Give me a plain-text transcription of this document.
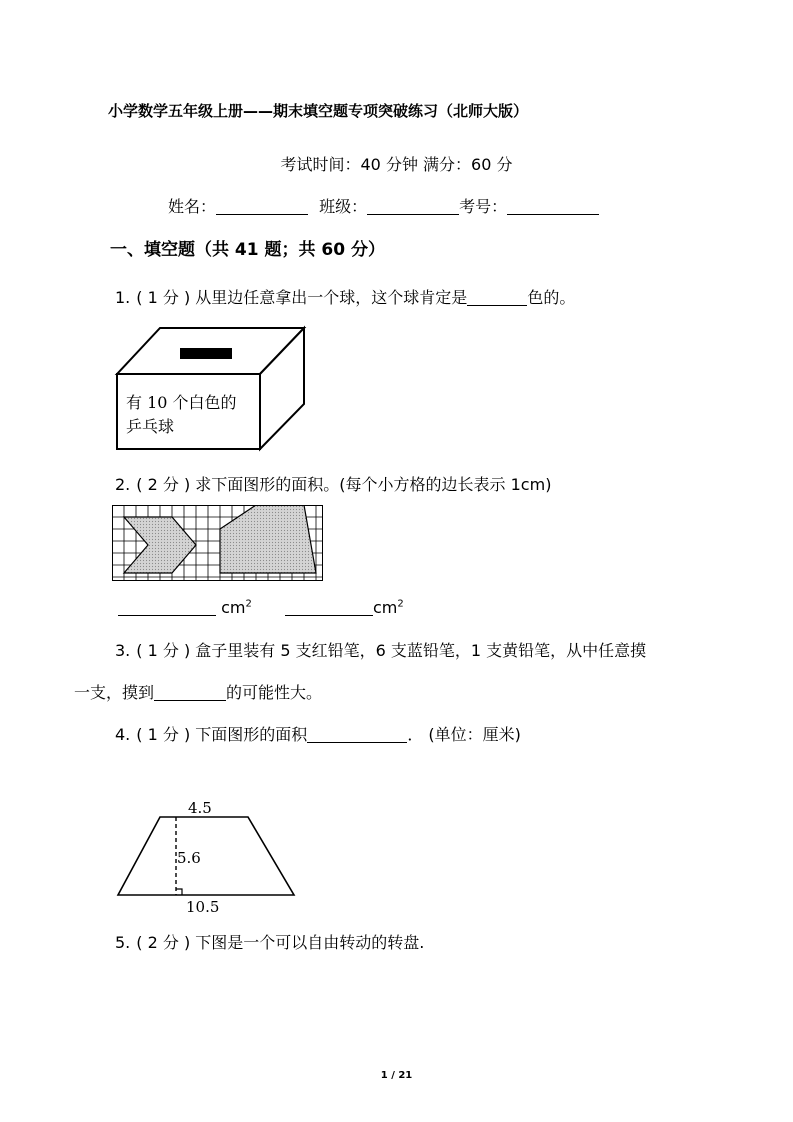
小学数学五年级上册——期末填空题专项突破练习（北师大版）
考试时间：40 分钟 满分：60 分
姓名：	班级：	考号：
一、填空题（共 41 题；共 60 分）
1. ( 1 分 ) 从里边任意拿出一个球，这个球肯定是	色的。
有 10 个白色的
乒乓球
2. ( 2 分 ) 求下面图形的面积。(每个小方格的边长表示 1cm)
$cm^2$	$cm^2$
3. ( 1 分 ) 盒子里装有 5 支红铅笔，6 支蓝铅笔，1 支黄铅笔，从中任意摸
一支，摸到	的可能性大。
4. ( 1 分 ) 下面图形的面积	． (单位：厘米)
4.5
5.6
10.5
5. ( 2 分 ) 下图是一个可以自由转动的转盘.
1 / 21
